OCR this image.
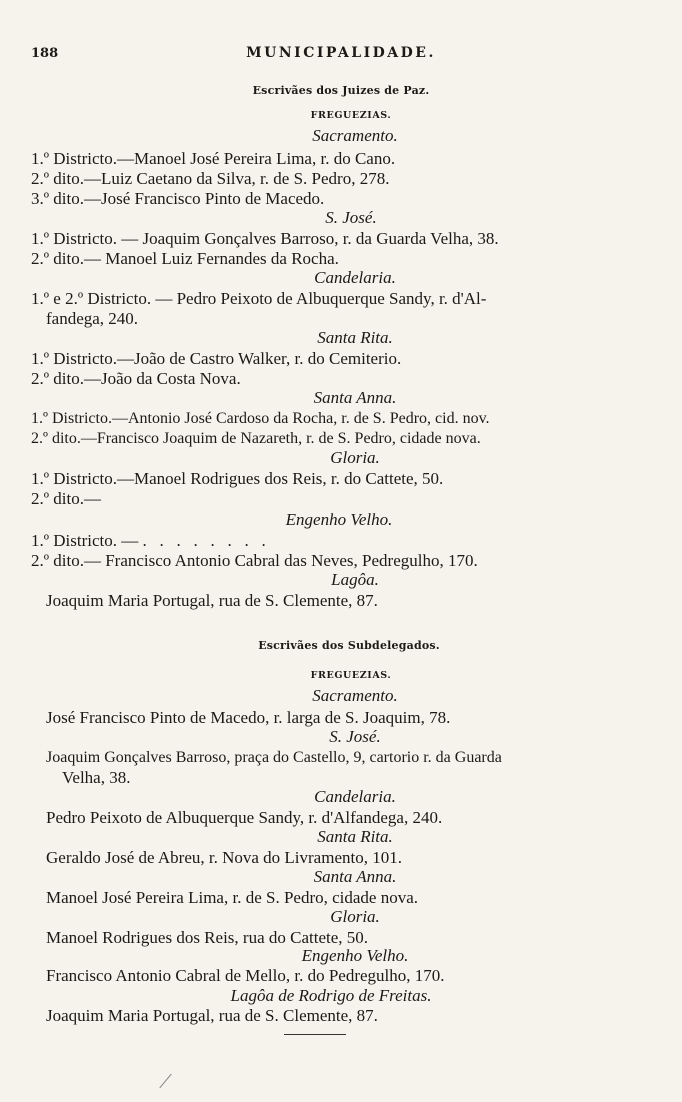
188	MUNICIPALIDADE.
Escrivães dos Juizes de Paz.
FREGUEZIAS.
Sacramento.
1.º Districto.—Manoel José Pereira Lima, r. do Cano.
2.º dito.—Luiz Caetano da Silva, r. de S. Pedro, 278.
3.º dito.—José Francisco Pinto de Macedo.
S. José.
1.º Districto. — Joaquim Gonçalves Barroso, r. da Guarda Velha, 38.
2.º dito.— Manoel Luiz Fernandes da Rocha.
Candelaria.
1.º e 2.º Districto. — Pedro Peixoto de Albuquerque Sandy, r. d'Al-
fandega, 240.
Santa Rita.
1.º Districto.—João de Castro Walker, r. do Cemiterio.
2.º dito.—João da Costa Nova.
Santa Anna.
1.º Districto.—Antonio José Cardoso da Rocha, r. de S. Pedro, cid. nov.
2.º dito.—Francisco Joaquim de Nazareth, r. de S. Pedro, cidade nova.
Gloria.
1.º Districto.—Manoel Rodrigues dos Reis, r. do Cattete, 50.
2.º dito.—
Engenho Velho.
1.º Districto. — .   .   .   .   .   .   .   .
2.º dito.— Francisco Antonio Cabral das Neves, Pedregulho, 170.
Lagôa.
Joaquim Maria Portugal, rua de S. Clemente, 87.
Escrivães dos Subdelegados.
FREGUEZIAS.
Sacramento.
José Francisco Pinto de Macedo, r. larga de S. Joaquim, 78.
S. José.
Joaquim Gonçalves Barroso, praça do Castello, 9, cartorio r. da Guarda
Velha, 38.
Candelaria.
Pedro Peixoto de Albuquerque Sandy, r. d'Alfandega, 240.
Santa Rita.
Geraldo José de Abreu, r. Nova do Livramento, 101.
Santa Anna.
Manoel José Pereira Lima, r. de S. Pedro, cidade nova.
Gloria.
Manoel Rodrigues dos Reis, rua do Cattete, 50.
Engenho Velho.
Francisco Antonio Cabral de Mello, r. do Pedregulho, 170.
Lagôa de Rodrigo de Freitas.
Joaquim Maria Portugal, rua de S. Clemente, 87.
